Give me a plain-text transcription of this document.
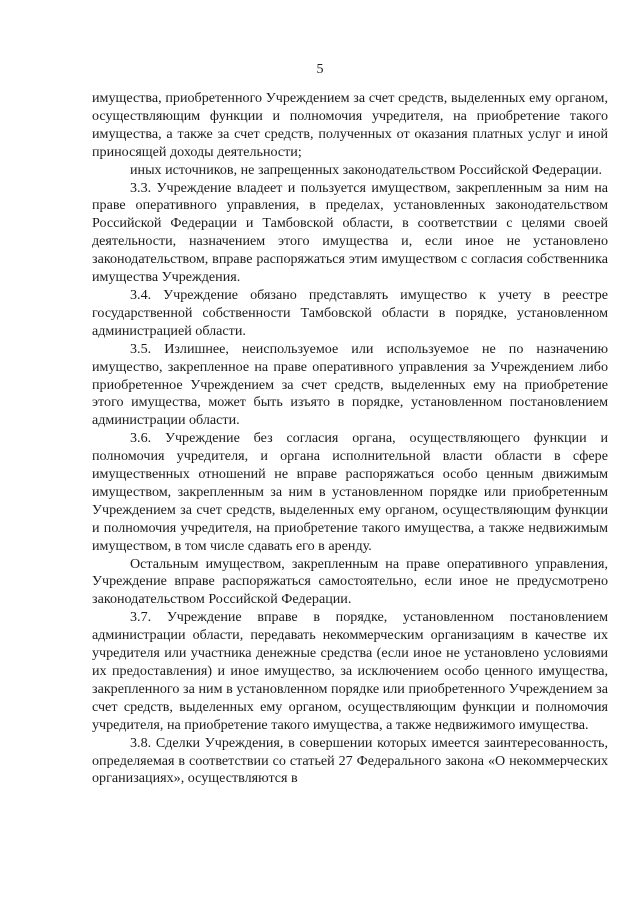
5

имущества, приобретенного Учреждением за счет средств, выделенных ему органом, осуществляющим функции и полномочия учредителя, на приобретение такого имущества, а также за счет средств, полученных от оказания платных услуг и иной приносящей доходы деятельности;

иных источников, не запрещенных законодательством Российской Федерации.

3.3. Учреждение владеет и пользуется имуществом, закрепленным за ним на праве оперативного управления, в пределах, установленных законодательством Российской Федерации и Тамбовской области, в соответствии с целями своей деятельности, назначением этого имущества и, если иное не установлено законодательством, вправе распоряжаться этим имуществом с согласия собственника имущества Учреждения.

3.4. Учреждение обязано представлять имущество к учету в реестре государственной собственности Тамбовской области в порядке, установленном администрацией области.

3.5. Излишнее, неиспользуемое или используемое не по назначению имущество, закрепленное на праве оперативного управления за Учреждением либо приобретенное Учреждением за счет средств, выделенных ему на приобретение этого имущества, может быть изъято в порядке, установленном постановлением администрации области.

3.6. Учреждение без согласия органа, осуществляющего функции и полномочия учредителя, и органа исполнительной власти области в сфере имущественных отношений не вправе распоряжаться особо ценным движимым имуществом, закрепленным за ним в установленном порядке или приобретенным Учреждением за счет средств, выделенных ему органом, осуществляющим функции и полномочия учредителя, на приобретение такого имущества, а также недвижимым имуществом, в том числе сдавать его в аренду.

Остальным имуществом, закрепленным на праве оперативного управления, Учреждение вправе распоряжаться самостоятельно, если иное не предусмотрено законодательством Российской Федерации.

3.7. Учреждение вправе в порядке, установленном постановлением администрации области, передавать некоммерческим организациям в качестве их учредителя или участника денежные средства (если иное не установлено условиями их предоставления) и иное имущество, за исключением особо ценного имущества, закрепленного за ним в установленном порядке или приобретенного Учреждением за счет средств, выделенных ему органом, осуществляющим функции и полномочия учредителя, на приобретение такого имущества, а также недвижимого имущества.

3.8. Сделки Учреждения, в совершении которых имеется заинтересованность, определяемая в соответствии со статьей 27 Федерального закона «О некоммерческих организациях», осуществляются в
